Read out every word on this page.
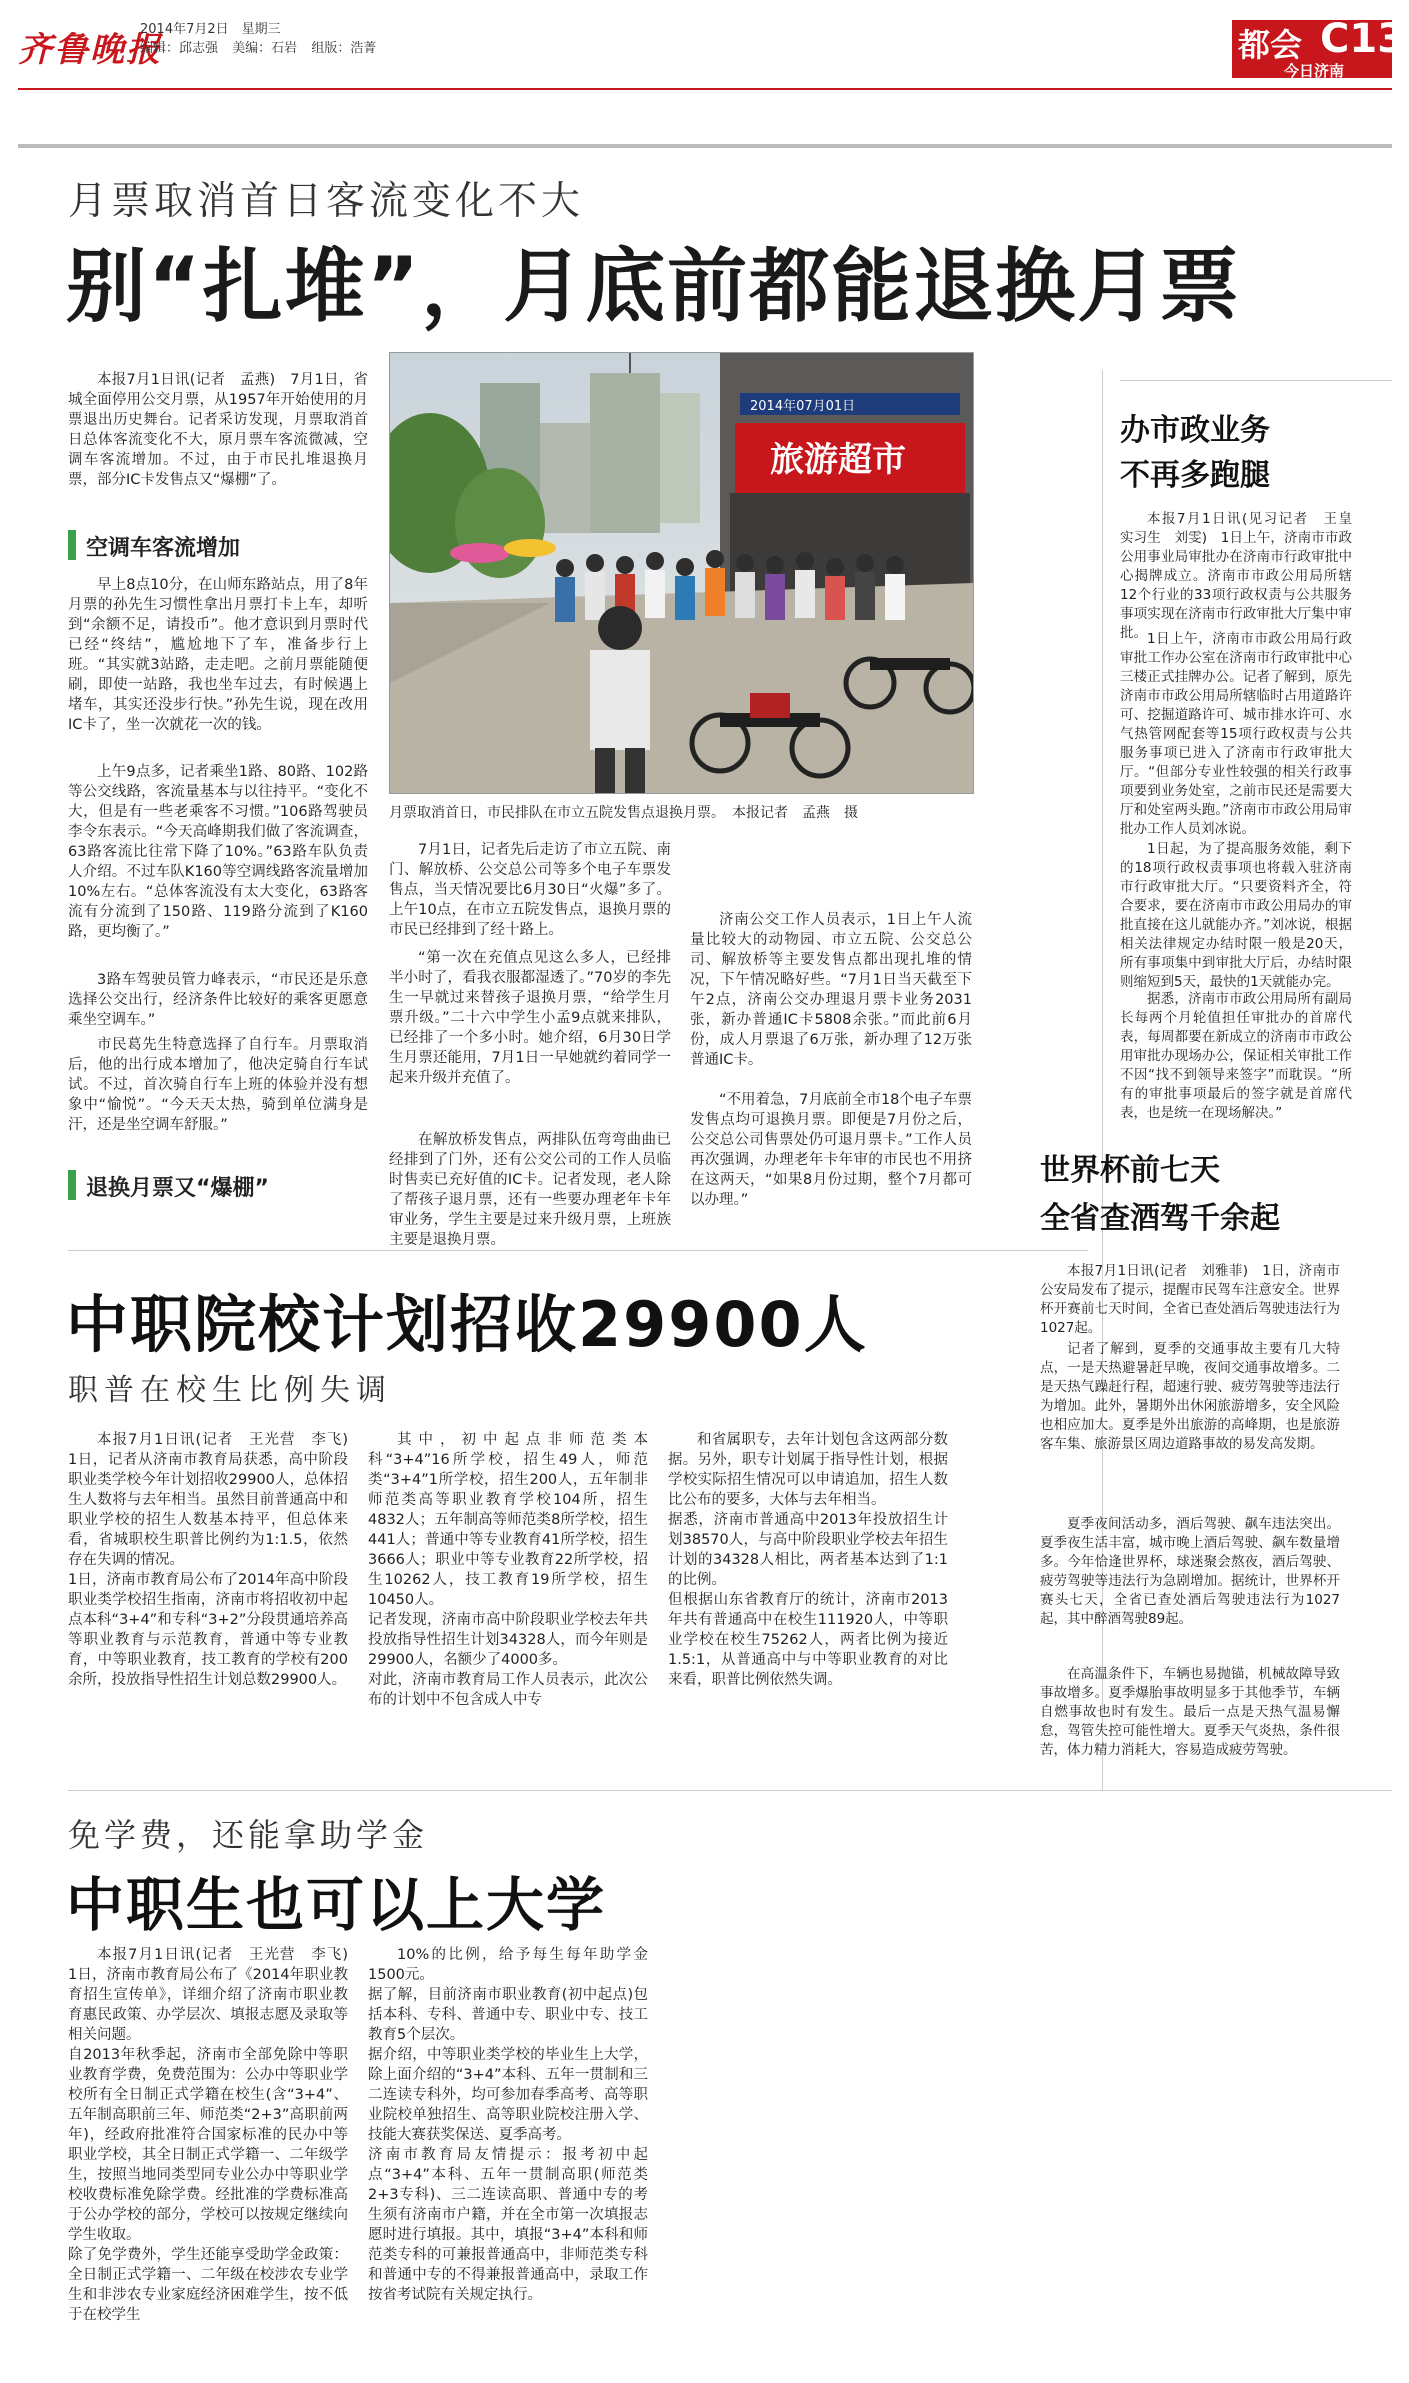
齐鲁晚报
2014年7月2日　星期三
编辑：邱志强 美编：石岩 组版：浩菁	都会 C13
今日济南
月票取消首日客流变化不大
别“扎堆”，月底前都能退换月票
本报7月1日讯(记者　孟燕)　7月1日，省城全面停用公交月票，从1957年开始使用的月票退出历史舞台。记者采访发现，月票取消首日总体客流变化不大，原月票车客流微减，空调车客流增加。不过，由于市民扎堆退换月票，部分IC卡发售点又“爆棚”了。
空调车客流增加
早上8点10分，在山师东路站点，用了8年月票的孙先生习惯性拿出月票打卡上车，却听到“余额不足，请投币”。他才意识到月票时代已经“终结”，尴尬地下了车，准备步行上班。“其实就3站路，走走吧。之前月票能随便刷，即使一站路，我也坐车过去，有时候遇上堵车，其实还没步行快。”孙先生说，现在改用IC卡了，坐一次就花一次的钱。
上午9点多，记者乘坐1路、80路、102路等公交线路，客流量基本与以往持平。“变化不大，但是有一些老乘客不习惯。”106路驾驶员李令东表示。“今天高峰期我们做了客流调查，63路客流比往常下降了10%。”63路车队负责人介绍。不过车队K160等空调线路客流量增加10%左右。“总体客流没有太大变化，63路客流有分流到了150路、119路分流到了K160路，更均衡了。”
3路车驾驶员管力峰表示，“市民还是乐意选择公交出行，经济条件比较好的乘客更愿意乘坐空调车。”
市民葛先生特意选择了自行车。月票取消后，他的出行成本增加了，他决定骑自行车试试。不过，首次骑自行车上班的体验并没有想象中“愉悦”。“今天天太热，骑到单位满身是汗，还是坐空调车舒服。”
退换月票又“爆棚”
旅游超市
2014年07月01日
月票取消首日，市民排队在市立五院发售点退换月票。　本报记者　孟燕　摄
7月1日，记者先后走访了市立五院、南门、解放桥、公交总公司等多个电子车票发售点，当天情况要比6月30日“火爆”多了。上午10点，在市立五院发售点，退换月票的市民已经排到了经十路上。
“第一次在充值点见这么多人，已经排半小时了，看我衣服都湿透了。”70岁的李先生一早就过来替孩子退换月票，“给学生月票升级。”二十六中学生小孟9点就来排队，已经排了一个多小时。她介绍，6月30日学生月票还能用，7月1日一早她就约着同学一起来升级并充值了。
在解放桥发售点，两排队伍弯弯曲曲已经排到了门外，还有公交公司的工作人员临时售卖已充好值的IC卡。记者发现，老人除了帮孩子退月票，还有一些要办理老年卡年审业务，学生主要是过来升级月票，上班族主要是退换月票。
济南公交工作人员表示，1日上午人流量比较大的动物园、市立五院、公交总公司、解放桥等主要发售点都出现扎堆的情况，下午情况略好些。“7月1日当天截至下午2点，济南公交办理退月票卡业务2031张，新办普通IC卡5808余张。”而此前6月份，成人月票退了6万张，新办理了12万张普通IC卡。
“不用着急，7月底前全市18个电子车票发售点均可退换月票。即便是7月份之后，公交总公司售票处仍可退月票卡。”工作人员再次强调，办理老年卡年审的市民也不用挤在这两天，“如果8月份过期，整个7月都可以办理。”
办市政业务
不再多跑腿
本报7月1日讯(见习记者　王皇　实习生　刘雯)　1日上午，济南市市政公用事业局审批办在济南市行政审批中心揭牌成立。济南市市政公用局所辖12个行业的33项行政权责与公共服务事项实现在济南市行政审批大厅集中审批。 1日上午，济南市市政公用局行政审批工作办公室在济南市行政审批中心三楼正式挂牌办公。记者了解到，原先济南市市政公用局所辖临时占用道路许可、挖掘道路许可、城市排水许可、水气热管网配套等15项行政权责与公共服务事项已进入了济南市行政审批大厅。“但部分专业性较强的相关行政事项要到业务处室，之前市民还是需要大厅和处室两头跑。”济南市市政公用局审批办工作人员刘冰说。
1日起，为了提高服务效能，剩下的18项行政权责事项也将载入驻济南市行政审批大厅。“只要资料齐全，符合要求，要在济南市市政公用局办的审批直接在这儿就能办齐。”刘冰说，根据相关法律规定办结时限一般是20天，所有事项集中到审批大厅后，办结时限则缩短到5天，最快的1天就能办完。
据悉，济南市市政公用局所有副局长每两个月轮值担任审批办的首席代表，每周都要在新成立的济南市市政公用审批办现场办公，保证相关审批工作不因“找不到领导来签字”而耽误。“所有的审批事项最后的签字就是首席代表，也是统一在现场解决。”
世界杯前七天
全省查酒驾千余起
本报7月1日讯(记者　刘雅菲)　1日，济南市公安局发布了提示，提醒市民驾车注意安全。世界杯开赛前七天时间，全省已查处酒后驾驶违法行为1027起。
记者了解到，夏季的交通事故主要有几大特点，一是天热避暑赶早晚，夜间交通事故增多。二是天热气躁赶行程，超速行驶、疲劳驾驶等违法行为增加。此外，暑期外出休闲旅游增多，安全风险也相应加大。夏季是外出旅游的高峰期，也是旅游客车集、旅游景区周边道路事故的易发高发期。
夏季夜间活动多，酒后驾驶、飙车违法突出。夏季夜生活丰富，城市晚上酒后驾驶、飙车数量增多。今年恰逢世界杯，球迷聚会熬夜，酒后驾驶、疲劳驾驶等违法行为急剧增加。据统计，世界杯开赛头七天，全省已查处酒后驾驶违法行为1027起，其中醉酒驾驶89起。
在高温条件下，车辆也易抛锚，机械故障导致事故增多。夏季爆胎事故明显多于其他季节，车辆自燃事故也时有发生。最后一点是天热气温易懈怠，驾管失控可能性增大。夏季天气炎热，条件很苦，体力精力消耗大，容易造成疲劳驾驶。
中职院校计划招收29900人
职普在校生比例失调
本报7月1日讯(记者　王光营　李飞)　1日，记者从济南市教育局获悉，高中阶段职业类学校今年计划招收29900人，总体招生人数将与去年相当。虽然目前普通高中和职业学校的招生人数基本持平，但总体来看，省城职校生职普比例约为1:1.5，依然存在失调的情况。
1日，济南市教育局公布了2014年高中阶段职业类学校招生指南，济南市将招收初中起点本科“3+4”和专科“3+2”分段贯通培养高等职业教育与示范教育，普通中等专业教育，中等职业教育，技工教育的学校有200余所，投放指导性招生计划总数29900人。
其中，初中起点非师范类本科“3+4”16所学校，招生49人，师范类“3+4”1所学校，招生200人，五年制非师范类高等职业教育学校104所，招生4832人；五年制高等师范类8所学校，招生441人；普通中等专业教育41所学校，招生3666人；职业中等专业教育22所学校，招生10262人，技工教育19所学校，招生10450人。
记者发现，济南市高中阶段职业学校去年共投放指导性招生计划34328人，而今年则是29900人，名额少了4000多。
对此，济南市教育局工作人员表示，此次公布的计划中不包含成人中专
和省属职专，去年计划包含这两部分数据。另外，职专计划属于指导性计划，根据学校实际招生情况可以申请追加，招生人数比公布的要多，大体与去年相当。
据悉，济南市普通高中2013年投放招生计划38570人，与高中阶段职业学校去年招生计划的34328人相比，两者基本达到了1:1的比例。
但根据山东省教育厅的统计，济南市2013年共有普通高中在校生111920人，中等职业学校在校生75262人，两者比例为接近1.5:1，从普通高中与中等职业教育的对比来看，职普比例依然失调。
免学费，还能拿助学金
中职生也可以上大学
本报7月1日讯(记者　王光营　李飞)　1日，济南市教育局公布了《2014年职业教育招生宣传单》，详细介绍了济南市职业教育惠民政策、办学层次、填报志愿及录取等相关问题。
自2013年秋季起，济南市全部免除中等职业教育学费，免费范围为：公办中等职业学校所有全日制正式学籍在校生(含“3+4”、五年制高职前三年、师范类“2+3”高职前两年)，经政府批准符合国家标准的民办中等职业学校，其全日制正式学籍一、二年级学生，按照当地同类型同专业公办中等职业学校收费标准免除学费。经批准的学费标准高于公办学校的部分，学校可以按规定继续向学生收取。
除了免学费外，学生还能享受助学金政策：全日制正式学籍一、二年级在校涉农专业学生和非涉农专业家庭经济困难学生，按不低于在校学生
10%的比例，给予每生每年助学金1500元。
据了解，目前济南市职业教育(初中起点)包括本科、专科、普通中专、职业中专、技工教育5个层次。
据介绍，中等职业类学校的毕业生上大学，除上面介绍的“3+4”本科、五年一贯制和三二连读专科外，均可参加春季高考、高等职业院校单独招生、高等职业院校注册入学、技能大赛获奖保送、夏季高考。
济南市教育局友情提示：报考初中起点“3+4”本科、五年一贯制高职(师范类2+3专科)、三二连读高职、普通中专的考生须有济南市户籍，并在全市第一次填报志愿时进行填报。其中，填报“3+4”本科和师范类专科的可兼报普通高中，非师范类专科和普通中专的不得兼报普通高中，录取工作按省考试院有关规定执行。
